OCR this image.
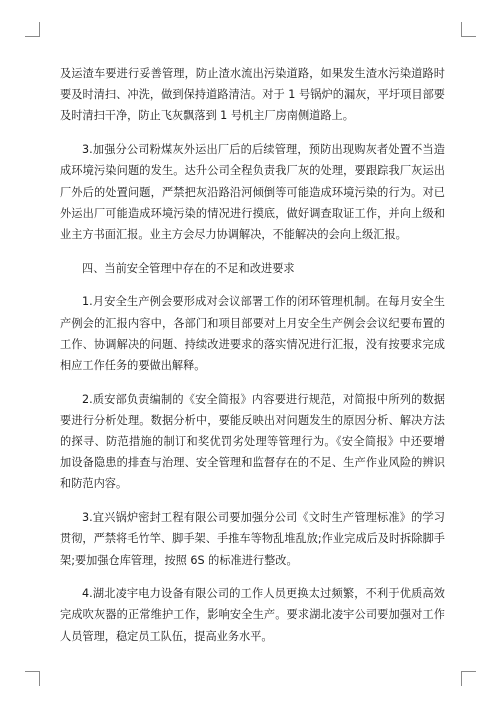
及运渣车要进行妥善管理，防止渣水流出污染道路，如果发生渣水污染道路时要及时清扫、冲洗，做到保持道路清洁。对于 1 号锅炉的漏灰，平圩项目部要及时清扫干净，防止飞灰飘落到 1 号机主厂房南侧道路上。

3.加强分公司粉煤灰外运出厂后的后续管理，预防出现购灰者处置不当造成环境污染问题的发生。达升公司全程负责我厂灰的处理，要跟踪我厂灰运出厂外后的处置问题，严禁把灰沿路沿河倾倒等可能造成环境污染的行为。对已外运出厂可能造成环境污染的情况进行摸底，做好调查取证工作，并向上级和业主方书面汇报。业主方会尽力协调解决，不能解决的会向上级汇报。

四、当前安全管理中存在的不足和改进要求

1.月安全生产例会要形成对会议部署工作的闭环管理机制。在每月安全生产例会的汇报内容中，各部门和项目部要对上月安全生产例会会议纪要布置的工作、协调解决的问题、持续改进要求的落实情况进行汇报，没有按要求完成相应工作任务的要做出解释。

2.质安部负责编制的《安全简报》内容要进行规范，对简报中所列的数据要进行分析处理。数据分析中，要能反映出对问题发生的原因分析、解决方法的探寻、防范措施的制订和奖优罚劣处理等管理行为。《安全简报》中还要增加设备隐患的排查与治理、安全管理和监督存在的不足、生产作业风险的辨识和防范内容。

3.宜兴锅炉密封工程有限公司要加强分公司《文时生产管理标准》的学习贯彻，严禁将毛竹竿、脚手架、手推车等物乱堆乱放;作业完成后及时拆除脚手架;要加强仓库管理，按照 6S 的标准进行整改。

4.湖北凌宇电力设备有限公司的工作人员更换太过频繁，不利于优质高效完成吹灰器的正常维护工作，影响安全生产。要求湖北凌宇公司要加强对工作人员管理，稳定员工队伍，提高业务水平。
